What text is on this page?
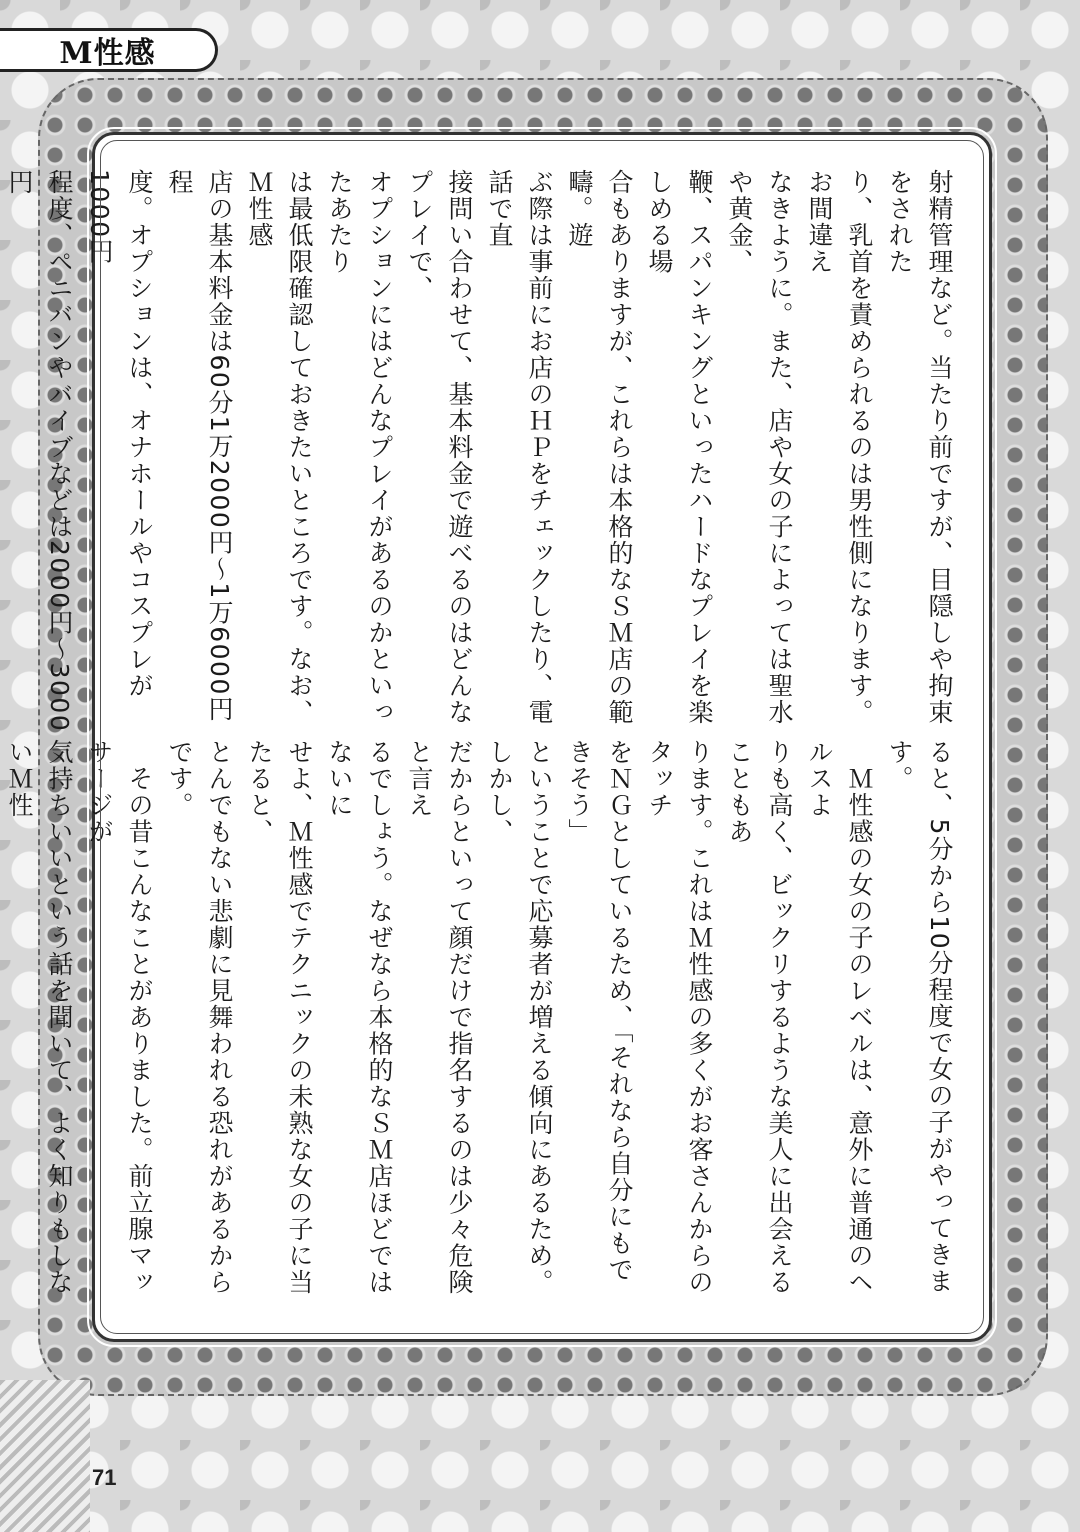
M性感
射精管理など。当たり前ですが、目隠しや拘束をされた
り、乳首を責められるのは男性側になります。お間違え
なきように。また、店や女の子によっては聖水や黄金、
鞭、スパンキングといったハードなプレイを楽しめる場
合もありますが、これらは本格的なＳＭ店の範疇。遊
ぶ際は事前にお店のＨＰをチェックしたり、電話で直
接問い合わせて、基本料金で遊べるのはどんなプレイで、
オプションにはどんなプレイがあるのかといったあたり
は最低限確認しておきたいところです。なお、Ｍ性感
店の基本料金は60分1万2000円〜1万6000円程
度。オプションは、オナホールやコスプレが1000円
程度、ペニバンやバイブなどは2000円〜3000円
ると、5分から10分程度で女の子がやってきます。
　Ｍ性感の女の子のレベルは、意外に普通のヘルスよ
りも高く、ビックリするような美人に出会えることもあ
ります。これはＭ性感の多くがお客さんからのタッチ
をＮＧとしているため、「それなら自分にもできそう」
ということで応募者が増える傾向にあるため。しかし、
だからといって顔だけで指名するのは少々危険と言え
るでしょう。なぜなら本格的なＳＭ店ほどではないに
せよ、Ｍ性感でテクニックの未熟な女の子に当たると、
とんでもない悲劇に見舞われる恐れがあるからです。
　その昔こんなことがありました。前立腺マッサージが
気持ちいいという話を聞いて、よく知りもしないＭ性
71
